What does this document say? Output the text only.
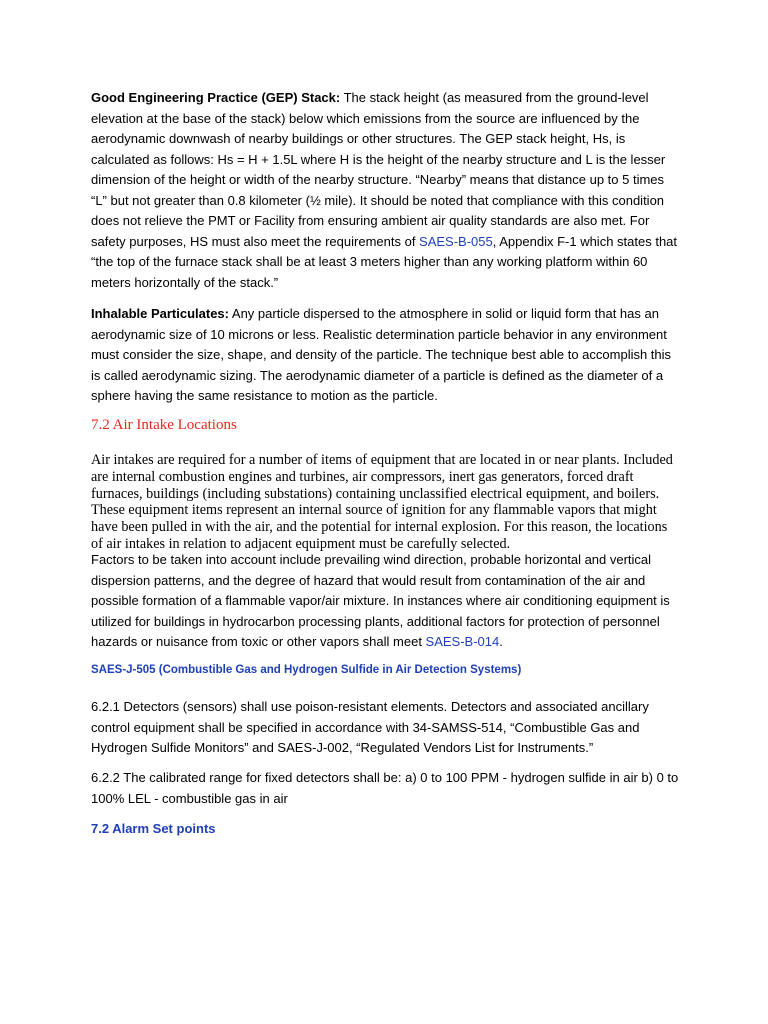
Good Engineering Practice (GEP) Stack: The stack height (as measured from the ground-level elevation at the base of the stack) below which emissions from the source are influenced by the aerodynamic downwash of nearby buildings or other structures. The GEP stack height, Hs, is calculated as follows: Hs = H + 1.5L where H is the height of the nearby structure and L is the lesser dimension of the height or width of the nearby structure. “Nearby” means that distance up to 5 times “L” but not greater than 0.8 kilometer (½ mile). It should be noted that compliance with this condition does not relieve the PMT or Facility from ensuring ambient air quality standards are also met. For safety purposes, HS must also meet the requirements of SAES-B-055, Appendix F-1 which states that “the top of the furnace stack shall be at least 3 meters higher than any working platform within 60 meters horizontally of the stack.”

Inhalable Particulates: Any particle dispersed to the atmosphere in solid or liquid form that has an aerodynamic size of 10 microns or less. Realistic determination particle behavior in any environment must consider the size, shape, and density of the particle. The technique best able to accomplish this is called aerodynamic sizing. The aerodynamic diameter of a particle is defined as the diameter of a sphere having the same resistance to motion as the particle.

7.2 Air Intake Locations

Air intakes are required for a number of items of equipment that are located in or near plants. Included are internal combustion engines and turbines, air compressors, inert gas generators, forced draft furnaces, buildings (including substations) containing unclassified electrical equipment, and boilers. These equipment items represent an internal source of ignition for any flammable vapors that might have been pulled in with the air, and the potential for internal explosion. For this reason, the locations of air intakes in relation to adjacent equipment must be carefully selected.

Factors to be taken into account include prevailing wind direction, probable horizontal and vertical dispersion patterns, and the degree of hazard that would result from contamination of the air and possible formation of a flammable vapor/air mixture. In instances where air conditioning equipment is utilized for buildings in hydrocarbon processing plants, additional factors for protection of personnel hazards or nuisance from toxic or other vapors shall meet SAES-B-014.

SAES-J-505 (Combustible Gas and Hydrogen Sulfide in Air Detection Systems)

6.2.1 Detectors (sensors) shall use poison-resistant elements. Detectors and associated ancillary control equipment shall be specified in accordance with 34-SAMSS-514, “Combustible Gas and Hydrogen Sulfide Monitors” and SAES-J-002, “Regulated Vendors List for Instruments.”

6.2.2 The calibrated range for fixed detectors shall be: a) 0 to 100 PPM - hydrogen sulfide in air b) 0 to 100% LEL - combustible gas in air

7.2 Alarm Set points
